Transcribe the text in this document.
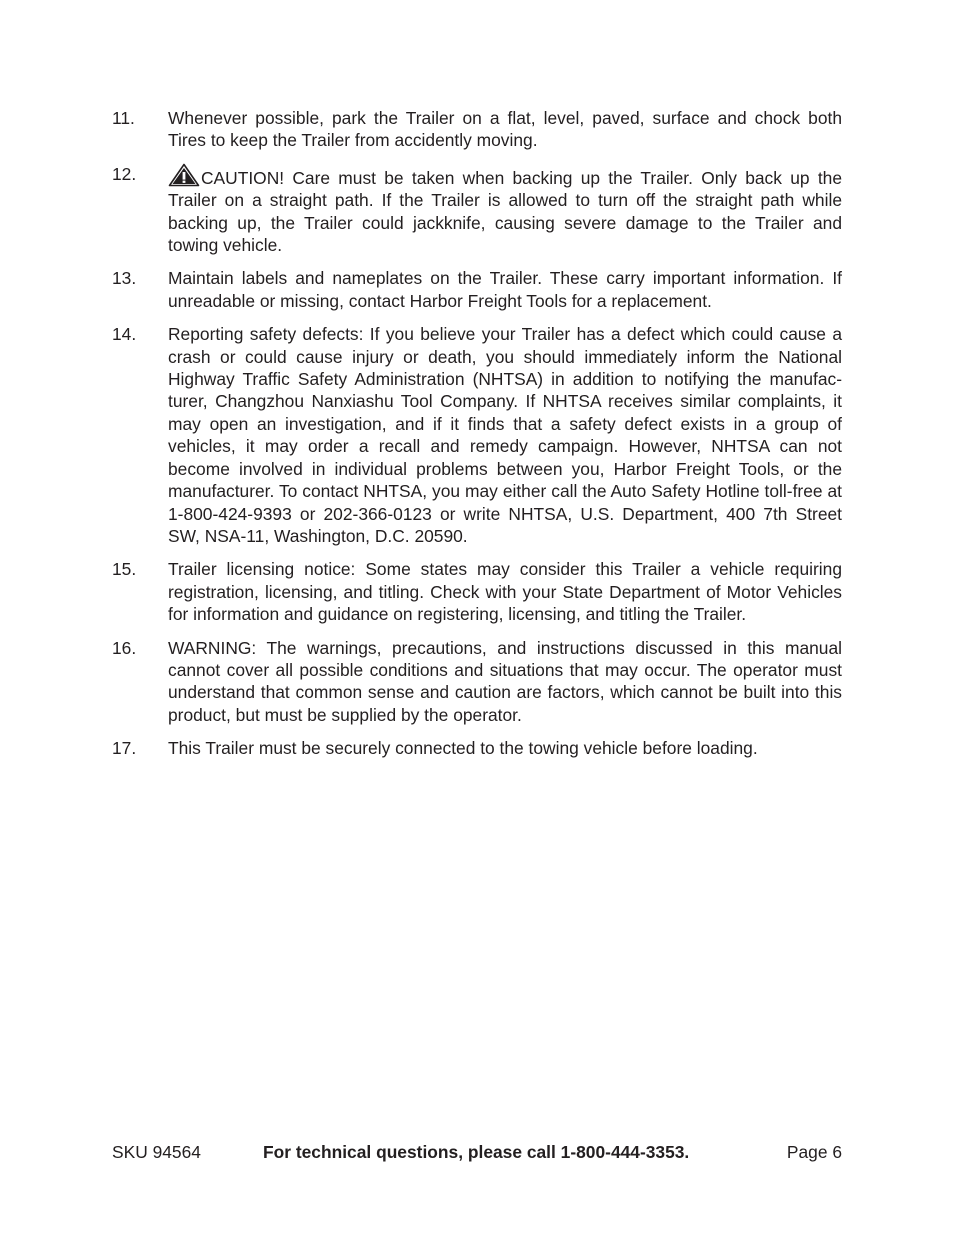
11.	Whenever possible, park the Trailer on a flat, level, paved, surface and chock both Tires to keep the Trailer from accidently moving.
12.	CAUTION! Care must be taken when backing up the Trailer. Only back up the Trailer on a straight path. If the Trailer is allowed to turn off the straight path while backing up, the Trailer could jackknife, causing severe damage to the Trailer and towing vehicle.
13.	Maintain labels and nameplates on the Trailer. These carry important information. If unreadable or missing, contact Harbor Freight Tools for a replacement.
14.	Reporting safety defects: If you believe your Trailer has a defect which could cause a crash or could cause injury or death, you should immediately inform the National Highway Traffic Safety Administration (NHTSA) in addition to notifying the manufacturer, Changzhou Nanxiashu Tool Company. If NHTSA receives similar complaints, it may open an investigation, and if it finds that a safety defect exists in a group of vehicles, it may order a recall and remedy campaign. However, NHTSA can not become involved in individual problems between you, Harbor Freight Tools, or the manufacturer. To contact NHTSA, you may either call the Auto Safety Hotline toll-free at 1-800-424-9393 or 202-366-0123 or write NHTSA, U.S. Department, 400 7th Street SW, NSA-11, Washington, D.C. 20590.
15.	Trailer licensing notice: Some states may consider this Trailer a vehicle requiring registration, licensing, and titling. Check with your State Department of Motor Vehicles for information and guidance on registering, licensing, and titling the Trailer.
16.	WARNING: The warnings, precautions, and instructions discussed in this manual cannot cover all possible conditions and situations that may occur. The operator must understand that common sense and caution are factors, which cannot be built into this product, but must be supplied by the operator.
17.	This Trailer must be securely connected to the towing vehicle before loading.
SKU 94564	For technical questions, please call 1-800-444-3353.	Page 6
